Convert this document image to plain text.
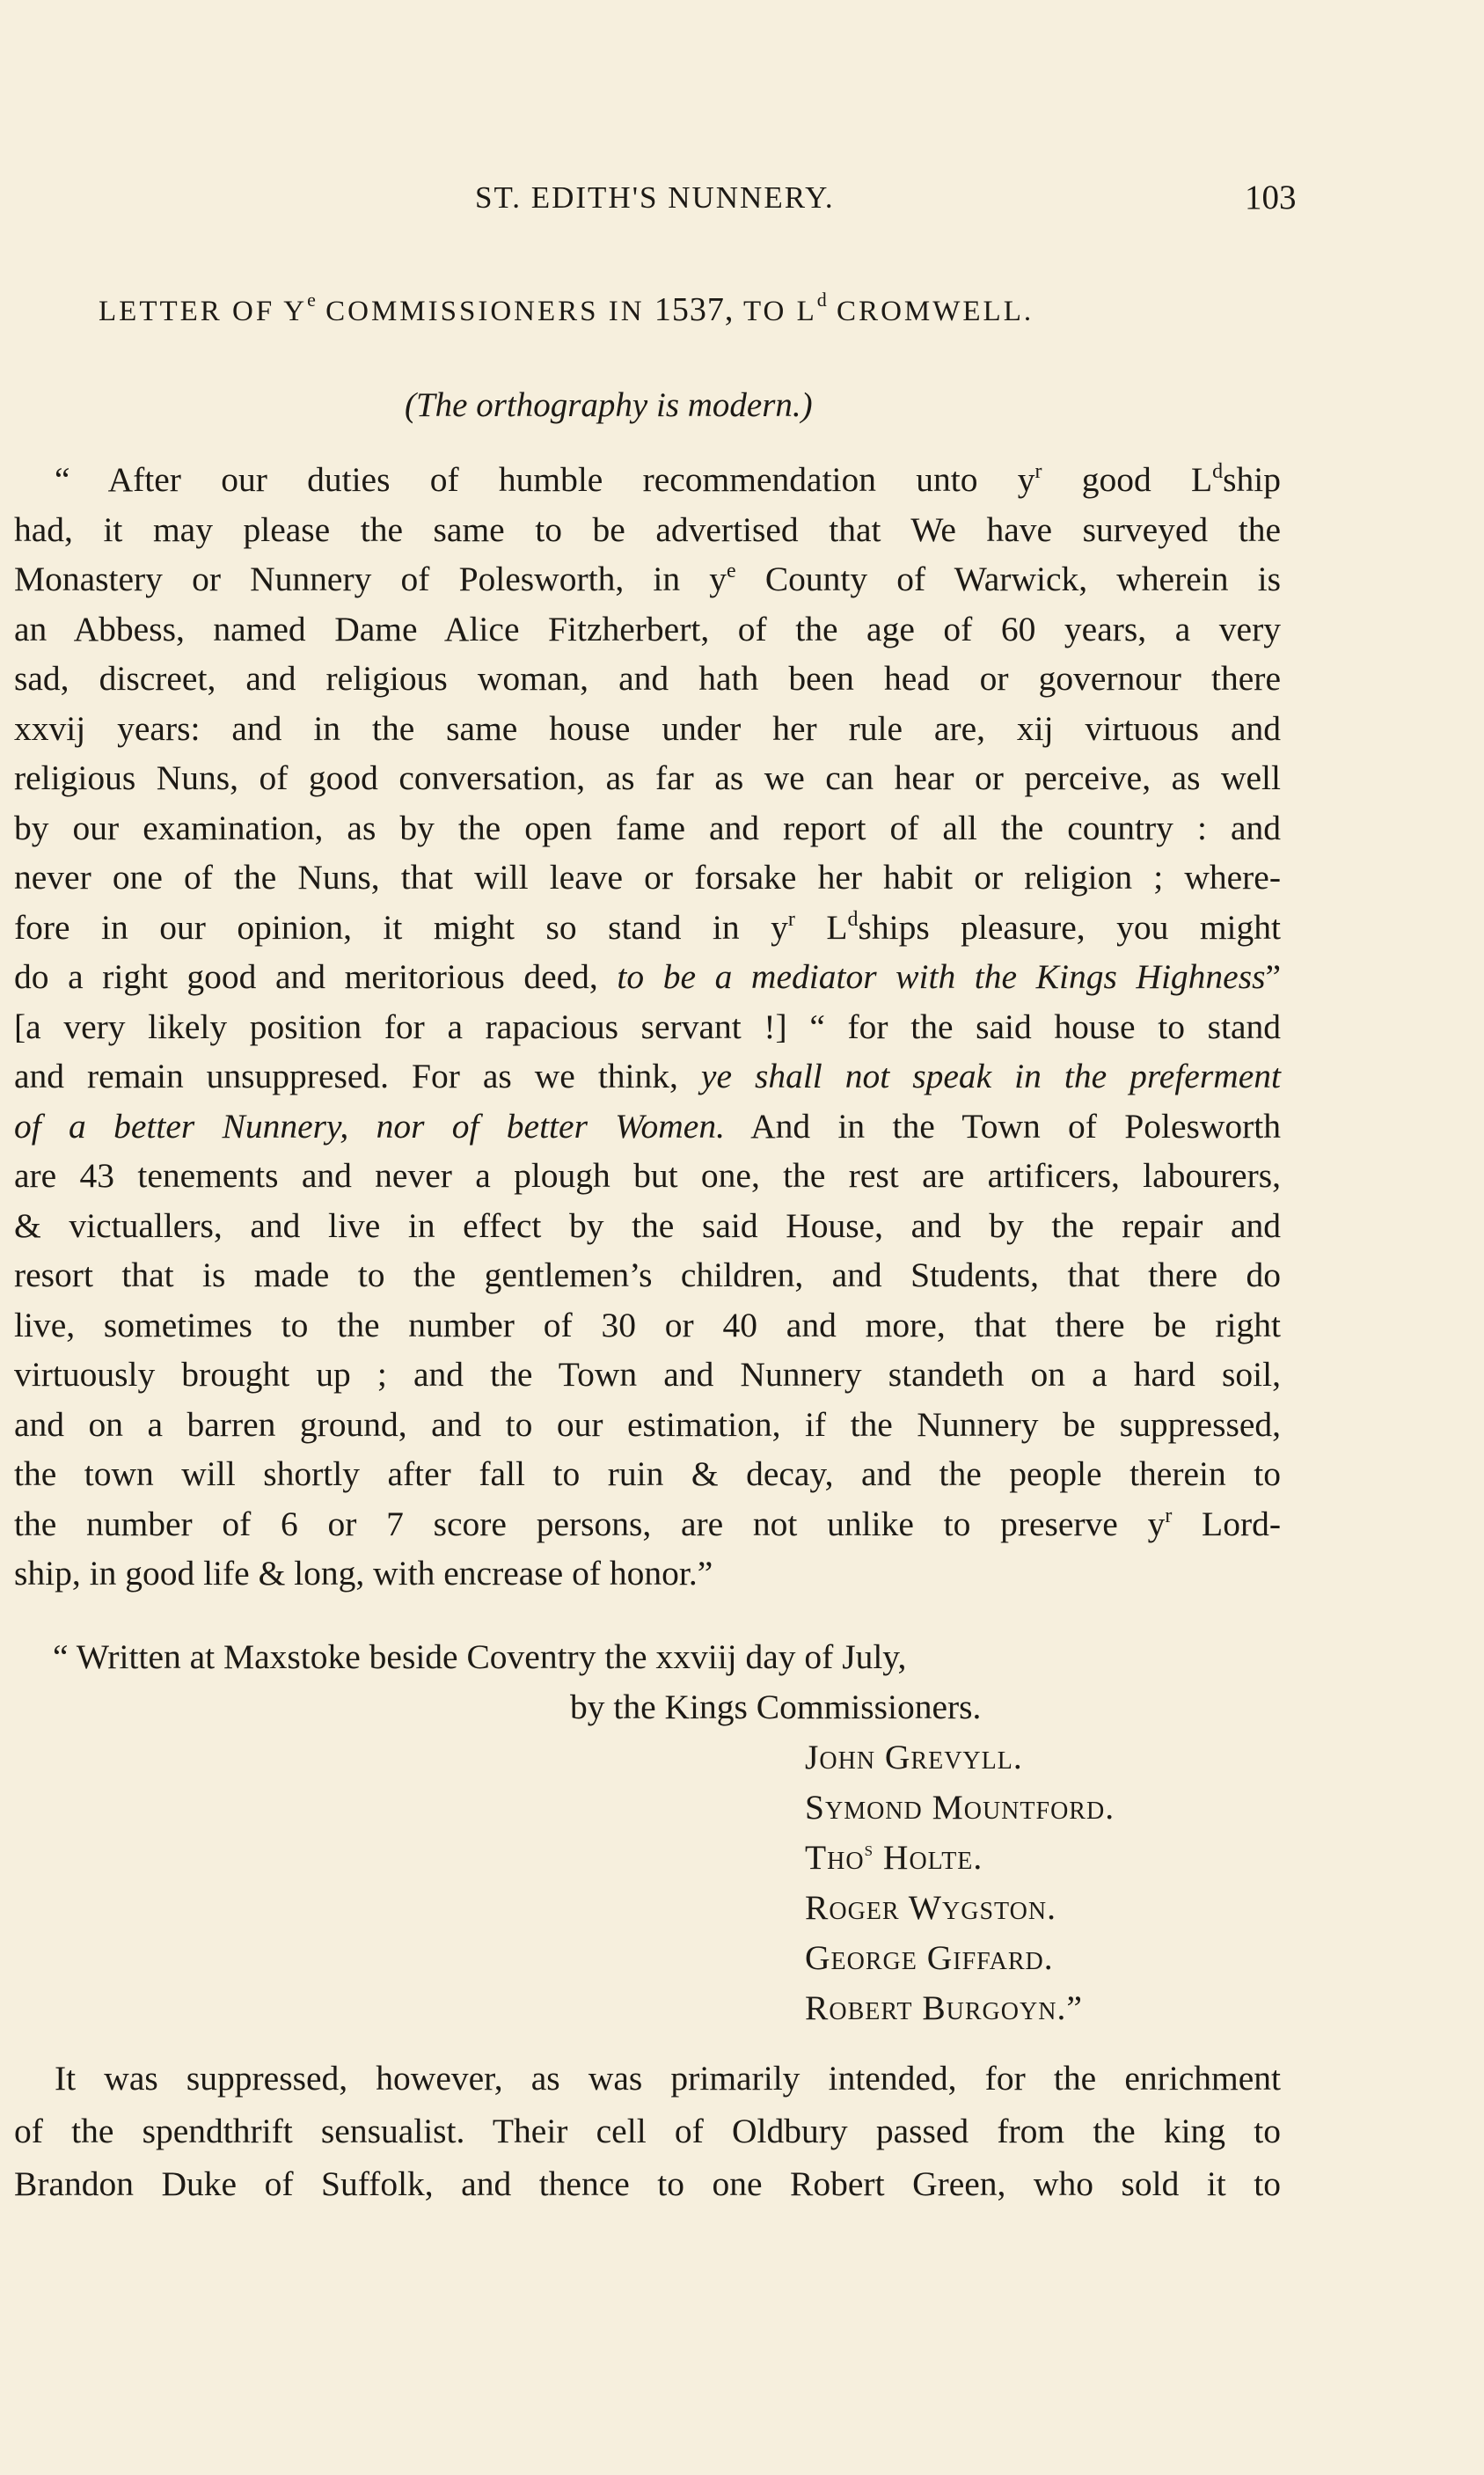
ST. EDITH'S NUNNERY.	103
LETTER OF $Y^e$ COMMISSIONERS IN 1537, TO $L^d$ CROMWELL.
(The orthography is modern.)
“ After our duties of humble recommendation unto $y^r$ good $L^dship$
had, it may please the same to be advertised that We have surveyed the
Monastery or Nunnery of Polesworth, in $y^e$ County of Warwick, wherein is
an Abbess, named Dame Alice Fitzherbert, of the age of 60 years, a very
sad, discreet, and religious woman, and hath been head or governour there
xxvij years: and in the same house under her rule are, xij virtuous and
religious Nuns, of good conversation, as far as we can hear or perceive, as well
by our examination, as by the open fame and report of all the country : and
never one of the Nuns, that will leave or forsake her habit or religion ; where-
fore in our opinion, it might so stand in $y^r$ $L^dships$ pleasure, you might
do a right good and meritorious deed, to be a mediator with the Kings Highness”
[a very likely position for a rapacious servant !] “ for the said house to stand
and remain unsuppresed. For as we think, ye shall not speak in the preferment
of a better Nunnery, nor of better Women. And in the Town of Polesworth
are 43 tenements and never a plough but one, the rest are artificers, labourers,
& victuallers, and live in effect by the said House, and by the repair and
resort that is made to the gentlemen’s children, and Students, that there do
live, sometimes to the number of 30 or 40 and more, that there be right
virtuously brought up ; and the Town and Nunnery standeth on a hard soil,
and on a barren ground, and to our estimation, if the Nunnery be suppressed,
the town will shortly after fall to ruin & decay, and the people therein to
the number of 6 or 7 score persons, are not unlike to preserve $y^r$ Lord-
ship, in good life & long, with encrease of honor.”
“ Written at Maxstoke beside Coventry the xxviij day of July,
by the Kings Commissioners.
John Grevyll.
Symond Mountford.
Tho$^s$ Holte.
Roger Wygston.
George Giffard.
Robert Burgoyn.”
It was suppressed, however, as was primarily intended, for the enrichment
of the spendthrift sensualist. Their cell of Oldbury passed from the king to
Brandon Duke of Suffolk, and thence to one Robert Green, who sold it to
